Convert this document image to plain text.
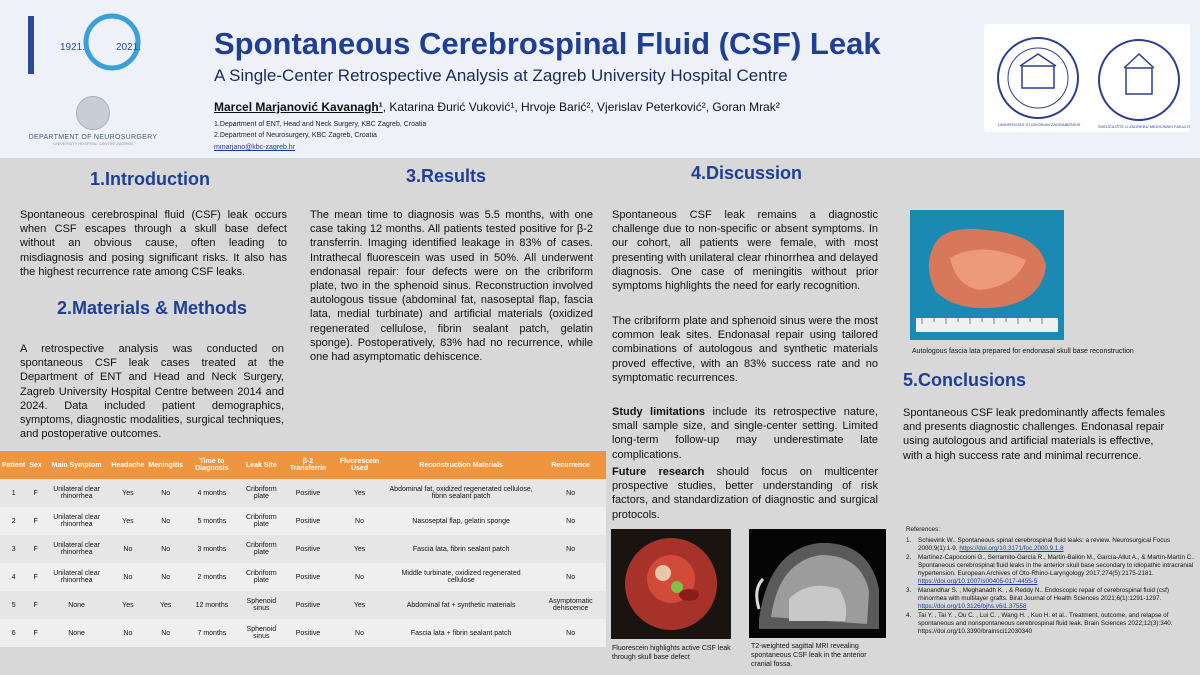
1921.	2021.
DEPARTMENT OF NEUROSURGERY
UNIVERSITY HOSPITAL CENTRE ZAGREB
Spontaneous Cerebrospinal Fluid (CSF) Leak
A Single-Center Retrospective Analysis at Zagreb University Hospital Centre
Marcel Marjanović Kavanagh¹, Katarina Đurić Vuković¹, Hrvoje Barić², Vjerislav Peterković², Goran Mrak²
1.Department of ENT, Head and Neck Surgery, KBC Zagreb, Croatia
2.Department of Neurosurgery, KBC Zagreb, Croatia
mmarjano@kbc-zagreb.hr
UNIVERSITAS STUDIORUM ZAGRABIENSIS	SVEUČILIŠTE U ZAGREBU MEDICINSKI FAKULTET
1.Introduction
Spontaneous cerebrospinal fluid (CSF) leak occurs when CSF escapes through a skull base defect without an obvious cause, often leading to misdiagnosis and posing significant risks. It also has the highest recurrence rate among CSF leaks.
2.Materials & Methods
A retrospective analysis was conducted on spontaneous CSF leak cases treated at the Department of ENT and Head and Neck Surgery, Zagreb University Hospital Centre between 2014 and 2024. Data included patient demographics, symptoms, diagnostic modalities, surgical techniques, and postoperative outcomes.
3.Results
The mean time to diagnosis was 5.5 months, with one case taking 12 months. All patients tested positive for β-2 transferrin. Imaging identified leakage in 83% of cases. Intrathecal fluorescein was used in 50%. All underwent endonasal repair: four defects were on the cribriform plate, two in the sphenoid sinus. Reconstruction involved autologous tissue (abdominal fat, nasoseptal flap, fascia lata, medial turbinate) and artificial materials (oxidized regenerated cellulose, fibrin sealant patch, gelatin sponge). Postoperatively, 83% had no recurrence, while one had asymptomatic dehiscence.
Patient	Sex	Main Symptom	Headache	Meningitis	Time to Diagnosis	Leak Site	β-2 Transferrin	Fluorescein Used	Reconstruction Materials	Recurrence
1	F	Unilateral clear rhinorrhea	Yes	No	4 months	Cribriform plate	Positive	Yes	Abdominal fat, oxidized regenerated cellulose, fibrin sealant patch	No
2	F	Unilateral clear rhinorrhea	Yes	No	5 months	Cribriform plate	Positive	No	Nasoseptal flap, gelatin sponge	No
3	F	Unilateral clear rhinorrhea	No	No	3 months	Cribriform plate	Positive	Yes	Fascia lata, fibrin sealant patch	No
4	F	Unilateral clear rhinorrhea	No	No	2 months	Cribriform plate	Positive	No	Middle turbinate, oxidized regenerated cellulose	No
5	F	None	Yes	Yes	12 months	Sphenoid sinus	Positive	Yes	Abdominal fat + synthetic materials	Asymptomatic dehiscence
6	F	None	No	No	7 months	Sphenoid sinus	Positive	No	Fascia lata + fibrin sealant patch	No
4.Discussion
Spontaneous CSF leak remains a diagnostic challenge due to non-specific or absent symptoms. In our cohort, all patients were female, with most presenting with unilateral clear rhinorrhea and delayed diagnosis. One case of meningitis without prior symptoms highlights the need for early recognition.
The cribriform plate and sphenoid sinus were the most common leak sites. Endonasal repair using tailored combinations of autologous and synthetic materials proved effective, with an 83% success rate and no symptomatic recurrences.
Study limitations include its retrospective nature, small sample size, and single-center setting. Limited long-term follow-up may underestimate late complications.
Future research should focus on multicenter prospective studies, better understanding of risk factors, and standardization of diagnostic and surgical protocols.
Fluorescein highlights active CSF leak through skull base defect
T2-weighted sagittal MRI revealing spontaneous CSF leak in the anterior cranial fossa.
Autologous fascia lata prepared for endonasal skull base reconstruction
5.Conclusions
Spontaneous CSF leak predominantly affects females and presents diagnostic challenges. Endonasal repair using autologous and artificial materials is effective, with a high success rate and minimal recurrence.
References:
1.	Schievink W.. Spontaneous spinal cerebrospinal fluid leaks: a review. Neurosurgical Focus 2000;9(1):1-9. https://doi.org/10.3171/foc.2000.9.1.8
2.	Martínez-Capoccioni G., Serramito-García R., Martín-Bailón M., García-Allut A., & Martín-Martín C.. Spontaneous cerebrospinal fluid leaks in the anterior skull base secondary to idiopathic intracranial hypertension. European Archives of Oto-Rhino-Laryngology 2017;274(5):2175-2181. https://doi.org/10.1007/s00405-017-4455-5
3.	Manandhar S. , Meghanadh K. , & Reddy N.. Endoscopic repair of cerebrospinal fluid (csf) rhinorrhea with multilayer grafts. Birat Journal of Health Sciences 2021;6(1):1291-1297. https://doi.org/10.3126/bjhs.v6i1.37558
4.	Tai Y. , Tai Y. , Ou C. , Lui C. , Wang H. , Kuo H. et al.. Treatment, outcome, and relapse of spontaneous and nonspontaneous cerebrospinal fluid leak. Brain Sciences 2022;12(3):340. https://doi.org/10.3390/brainsci12030340
